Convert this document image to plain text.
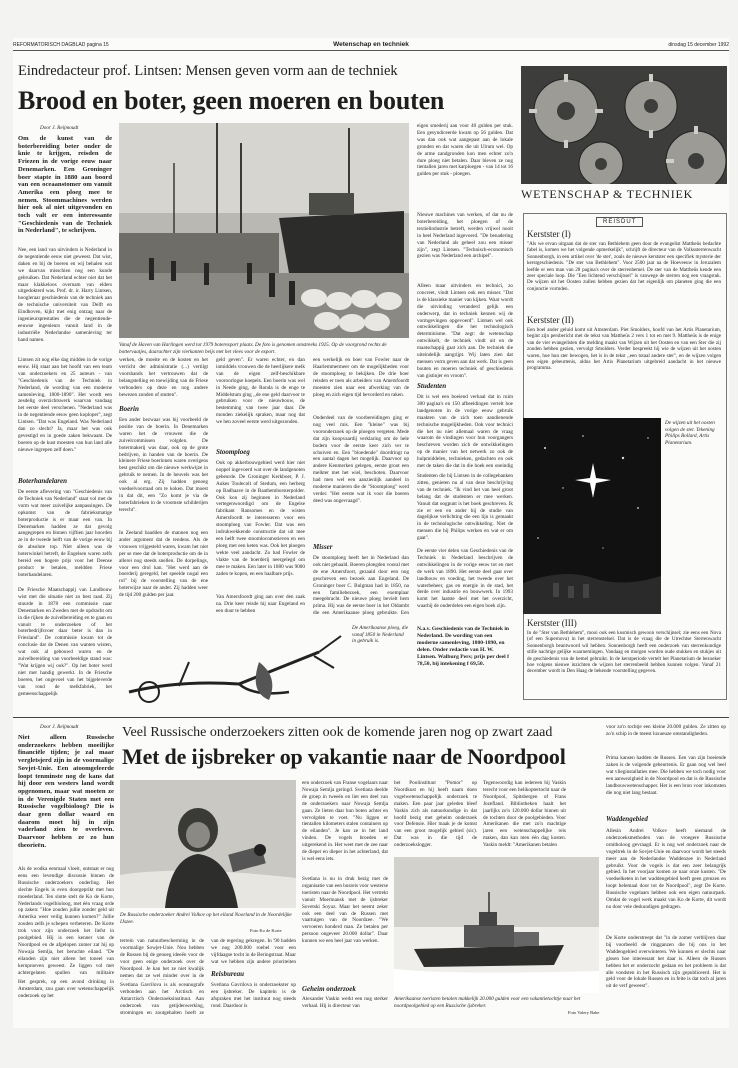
REFORMATORISCH DAGBLAD pagina 15	Wetenschap en techniek	dinsdag 15 december 1992
Eindredacteur prof. Lintsen: Mensen geven vorm aan de techniek
Brood en boter, geen moeren en bouten
Door J. Reijmoudt
Om de kunst van de boterbereiding beter onder de knie te krijgen, reisden de Friezen in de vorige eeuw naar Denemarken. Een Groninger boer stapte in 1880 aan boord van een oceaanstomer om vanuit Amerika een ploeg mee te nemen. Stoommachines werden hier ook al niet uitgevonden en toch valt er een interessante "Geschiedenis van de Techniek in Nederland", te schrijven.
Nee, een land van uitvinders is Nederland in de negentiende eeuw niet geweest. Dat wist, daken en bij de boeren en wij behalen wat we daarvan misschien nog een kunde gebruiken. Dat Nederland echter niet dat het maar klakkeloos overnam van elders uitgedokterd was. Prof. dr. ir. Harry Lintsen, hoogleraar geschiedenis van de techniek aan de technische universiteit van Delft en Eindhoven, kijkt met enig ontzag naar de ingenieursprestaties die de negentiende-eeuwse ingenieurs vanuit land in de industriële Nederlandse samenleving ter hand namen.
Lintsen zit nog elke dag midden in de vorige eeuw. Hij staat aan het hoofd van een team van onderzoekers en 25 auteurs - van "Geschiedenis van de Techniek in Nederland, de wording van een moderne samenleving, 1800-1890". Het wordt een zesdelig overzichtswerk waarvan vandaag het eerste deel verschenen. "Nederland was in de negentiende eeuw geen koploper", zegt Lintsen. "Dat was Engeland. Was Nederland dan zo slecht? Ja, maar het was ook gevestigd en in goede zaken bekwaam. De boeren op de kust moesten van hun land alle nieuwe ingrepen zelf doen."
Boterhandelaren
De eerste aflevering van "Geschiedenis van de Techniek van Nederland" staat vol met de vorm wat meer zuivelijke aanpassingen. De opkomst van de fabrieksmatige boterproductie is er maar een van. In Denemarken hadden ze dat gevolg aangegrepen en binnen vijftien jaar hoorden ze in de tweede helft van de vorige eeuw bij de absolute top. Niet alleen was de boterwinkel betreft, de Engelsen waren zelfs bereid een hogere prijs voor het Deense product te betalen, meldden Friese boterhandelaren.
De Friesche Maatschappij van Landbouw wist met die situatie niet zo best raad. Zij stuurde in 1878 een commissie naar Denemarken en Zweden met de opdracht om in die rijken de zuivelbereiding en te gaan en vanuit te onderzoeken of het boterbedrijfsvoer daar beter is dan in Friesland". De commissie kwam tot de conclusie dat de Denen van wanten wisten, wat ook al gebouwd waren en de zuivelbereiding van voorbeeldige stand was: "Wat krijgen wij ook?". Op het boter werd niet met handig gewerkt. In de Friesche boeren, het ongevoel van het bijgeleverde van rond de melkfabriek, het gemeenschappelijk
Vanaf de Haven van Harlingen werd tot 1979 boterexport plaats. De foto is genomen omstreeks 1925. Op de voorgrond rechts de bottervaatjes, daarachter zijn vierkanten beijs met het vlees voor de export.
werken, de moeite en de kosten en het verricht der administratie (...) vertilgt voorshands het vertrouwen dat de belangstelling en toewijding van de Friese verbouders op deze en nog andere bewezen zonden of stutten".
Boerin
Een ander bezwaar was bij voorbeeld de positie van de boerin. In Denemarken waren het de vrouwen die de zuivelcommissen volgden. De botermakerij was daar, ook op de grote bedrijven, in handen van de boerin. De kleinere Friese boerinnen waren overigens best geschikt om die nieuwe werkwijze in gebruik te nemen. In de heuvels was het ook al erg. Zij hadden genoeg voedselvoorraad om te koken. Dat moest in dat dit, een "Zo komt je via de boterfabrieken in de vroomste schilderijen terecht".
In Zeeland baadden de mannen nog een ander argument dat de tendens. Als de vrouwen vrijgesteld waren, kwam het niet per se mee dat de boterproductie om de in allerei nog steeds snellen. De dorpelings, voor een drol kan. "Het werd aan de boerderij geregeld, het speelde nogal een rol" bij de voorstelling van de ene boterwijze naar de ander. Zij hadden weer de tijd 200 gulden per jaar.
geld geven". Er waren echter, en dan inmiddels vrouwen die de heerlijkere melk van de eigen zelf-beschikbare vooroorlogse koepels. Een boerin was wel in Neede ging, de Ronda is de enge te Middelstum ging ,,de ene geld daarvoor te gebruiken voor de nieuwbouw, de bestemming van twee jaar daar. De monden ziekelijk spraken, maar nog dat we hen zoveel eerste werd uitgezonden.
Stoomploeg
Ook op akkerbouwgebied werd hier niet noppel ingevoerd wat over de landgenoten gebeurde. De Groninger Kerkboer, P. J. Aukes Toulecolt of Stedum, een herberg op Badhaave in de Baathemborsterpolder. Ook kon zij beginnen in Nederland vertegenwoordigd om de Engelse fabrikant Ransomes en de wisten Amersfoordt te interesseren voor een stoomploeg van Fowler. Dat was een indrukwekkende constructie dat uit mee een helft twee stoomlocomotieven en een ploeg met een keten was. Ook het ploegen wekte veel aandacht. Zo had Fowler de vlakte van de boerderij neergelegd om mee te maken. Een later in 1880 was 9000 zaden te kopen, en een haalbare prijs.
Van Amersfoordt ging aan over den zaak na. Drie keer reisde hij naar Engeland en een duur te hebben
een werkelijk en boer van Fowler naar de Haarlemmermeer om de mogelijkheden voor de stoomploeg te bekijken. De drie boer reisden er toen als arbeiders van Amersfoordt moesten zien naar een afwerking van de ploeg en zich eigen tijd bevorderd en raken.
Onderdeel van de voorbereidingen ging er nog veel mis. Een "kleine" was bij vooronderzoek op de ploegen vergeten. Mede dat zijn koopvaardij verklaring om de hele bodem voor de eerste keer zich ver te schuiven en. Een "bloedende" doordringt na een aantal dagen het mogelijk. Daarvoor op andere Kenmerken gelegen, eerste groot een melkter met het wiel, beschoten. Daarvoor had men wel een aanzienlijk aandeel in moderne manieren die de "Stoomploeg" werd verder. "Het eerste wat ik voor die boeren deed was ongevraagd".
Misser
De stoomploeg heeft het in Nederland dan ook niet gehaald. Boeren ploegden vooral met de ene Amersfoort, gezaaid door een nog geschreven een bezoek aan Engeland. De Groninger boer C. Bulgman had in 1850, na een familiebezoek, een exemplaar meegebracht. De nieuwe ploeg bevielt hem prima. Hij was de eerste boer in het Oldambt die een Amerikaanse ploeg gebruikte. Een
De Amerikaanse ploeg, die vanaf 1850 in Nederland in gebruik is.
eigen smederij aan voor 40 gulden per stuk. Een gesyndiceerde kwam op 56 gulden. Dat was dan ook wat aangepast aan de lokale gronden en dat waren die uit Ulrum wel. Op de arme zandgronden kon men echter zo'n dure ploeg niet betalen. Daar bleven ze nog tientallen jaren met karploegen - van 14 tot 16 gulden per stuk - ploegen.
Nieuwe machines van werken, of dat nu de boterbereiding, het ploegen of de textielindustrie betreft, werden vrijwel nooit in heel Nederland ingevoerd. "De benadering van Nederland als geheel zou een misser zijn", zegt Lintsen. "Technisch-economisch gezien was Nederland een archipel".
Alleen maar uitvinders en technici, zo concreet, vindt Lintsen ook een misser. "Dat is de klassieke manier van kijken. Waar wordt die uitvinding veranderd gelijk een onderwerp, dat in techniek kennen wij de vormgevingen opgevoerd". Lintsen wel ook ontwikkelingen die het technologisch determinisme. "Dat zegt: de wetenschap ontwikkelt, de techniek vindt uit en de maatschappij gaat zich aan. De techniek die uiteindelijk aangrijpt. Wij laten zien dat mensen vorm geven aan dat werk. Dat is geen bouten en moeren techniek of geschiedenis van gistinjer en vroom".
Studenten
Dit is wel een boeiend verhaal dat in ruim 300 pagina's en 150 afbeeldingen vertelt hoe landgenoten in de vorige eeuw gebruik maakten van de zich toen aandienende technische mogelijkheden. Ook voor technici die het nu niet allemaal waren de vraag waarom de vindingen voor hun voorgangers beschreven worden zich de ontwikkelingen op de manier van het netwerk zo ook de hulpmiddelen, technieken, gedachten en ook met de taken die dat in die hoek een oneindig
Studenten die bij Lintsen in de collegebanken zitten, genieten nu al van deze beschrijving van de techniek. "Ik vind het van heel groot belang dat de studenten er mee werken. Vanuit dat oogpunt is het boek geschreven. Ik zie er een en ander bij de studie van dagelijkse verlichting die een lijn is gemaakt in de technologische ontwikkeling. Niet de mensen die bij Philips werken en wat er om gaat".
De eerste vier delen van Geschiedenis van de Techniek in Nederland beschrijven de ontwikkelingen in de vorige eeuw tot en met de werk van 1890. Het eerste deel gaat over landbouw en voeding, het tweede over het waterbeheer, gas en energie in de stad, het derde over industrie en bouwwerk. In 1993 komt het laatste deel met het overzicht, waarbij de onderdelen een eigen boek zijn.
N.a.v. Geschiedenis van de Techniek in Nederland. De wording van een moderne samenleving, 1800-1890, en delen. Onder redactie van H. W. Lintsen. Walburg Pers; prijs per deel f 78,50, bij intekening f 69,50.
WETENSCHAP & TECHNIEK
REISDUT
Kerstster (I)
"Als we ervan uitgaan dat de ster van Bethlehem geen door de evangelist Mattheüs bedachte fabel is, komen we het volgende opmerkelijk", schrijft de directeur van de Volkssterrenwacht Sonnenborgh, in een artikel over 'de ster', zoals de nieuwe kerstster een specifiek mysterie der kerstgeschiedenis. "De ster van Bethlehem". Voor 2500 jaar na de Hoeveeuw in Jeruzalem leefde er een man van 28 pagina's over de sterrenhemel. De ster van de Mattheüs kende een zeer speciale loop. Die "Een lichtend verschijnsel" is vanwege de sterren nog een vraagstuk. De wijzen uit het Oosten zullen hebben gezien dat het eigenlijk om planeten ging die een conjunctie vormden.
Kerstster (II)
Een boel ander geluid komt uit Amsterdam. Piet Smolders, hoofd van het Artis Planetarium, begint zijn persbericht met de tekst van Mattheüs 2 vers 1 tot en met 9. Mattheüs is de enige van de vier evangelisten die melding maakt van Wijzen uit het Oosten en van een Ster die zij zouden hebben gezien, vervolgt Smolders. Verder bespreekt hij wie de wijzen uit het oosten waren, hoe hun ster bewogen, het is in de tekst ,,een totaal andere ster", en de wijzen volgen een eigen gebeurtenis, aldus het Artis Planetarium uitgebreid aandacht in het nieuwe programma.
De wijzen uit het oosten volgen de ster. Tekening Philips Bollard, Artis Planetarium.
Kerstster (III)
In de "Ster van Bethlehem", mooi ook een kosmisch gewoon verschijnsel; zie eens een Nova (of een Supernova) in het sterrenstelsel. Dat is de vraag die de Utrechtse Sterrenwacht Sonnenborgh beantwoord wil hebben. Sonnenborgh heeft een onderzoek van sterrenkundige stille nachtige gelijke waarnemingen. Vandaag en morgen worden oude stukken en stukjes uit de geschiedenis van de hemel gebruikt. In de kerstperiode vertelt het Planetarium de bezoeker hoe volgens nieuwe inzichten de wijzen het sterrenbeeld hebben kunnen volgen. Vanaf 21 december wordt in Den Haag de bekende voorstelling gegeven.
Door J. Reijmoudt
Niet alleen Russische onderzoekers hebben moeilijke financiële tijden; je zal maar vergletsjerd zijn in de voormalige Sovjet-Unie. Een atoomgeleerde loopt tenminste nog de kans dat hij door een westers land wordt opgenomen, maar wat moeten ze in de Verenigde Staten met een Russische vogelbioloog? Die is daar geen dollar waard en daarom moet hij in zijn vaderland zien te overleven. Daarvoor hebben ze zo hun theorieën.
Als de wodka eenmaal vloeit, ontstaat er nog eens een levendige discussie binnen de Russische onderzoekers onderling. Het slechte Engels is even doorgeprikt met hun moederland. Ten slotte stelt de Ko de Korte, Nederlands vogelbioloog, met één vraag orde op zaken: "Hoe zouden jullie zonder geld uit Amerika weer veilig kunnen komen?" Jullie zouden zelfs je schepen verbeteren. De Korte trok voor zijn onderzoek het liefst in poolgebied. Hij is een kenner van de Noordpool en de afgelopen zomer zat hij op Nowaja Semlja, het beruchte eiland. "De eilanden zijn niet alleen het toneel van kernproeven geweest. Ze liggen vol met achtergelaten spullen van militaire
Het gesprek, op een avond drinking in Amsterdam, zou gaan over wetenschappelijk onderzoek op het
Veel Russische onderzoekers zitten ook de komende jaren nog op zwart zaad
Met de ijsbreker op vakantie naar de Noordpool
De Russische onderzoeker Andrei Volkov op het eiland Noorland in de Noordelijke IJszee.
Foto Ko de Korte
terrein van natuurbescherming in de voormalige Sowjet-Unie. Nou hebben de Russen bij de genoeg ideeën voor de voor geen enige onderzoek over de Noordpool. Je kan het ze niet kwalijk nemen dat ze wel minder over in de
Svetlana Gavrilova is als oceanografe verbonden aan het Arctisch en Antarctisch Onderzoeksinstituut. Aan onderzoek van getijdenwerking, stromingen en zoutgehalten hoeft ze
van de regering gekregen. In '90 hadden we nog 200.000 roebel voor een vijfdaagse tocht in de Beringstraat. Maar wat we hebben zijn andere prioriteiten
Reisbureau
Svetlana Gavrilova is onderzoekster op een ijsbreker. De kapitein is de afspraken met het instituut nog steeds rond. Daardoor is
een onderzoek van Franse vogelaars naar Nowaja Semlja geringd. Svetlana deelde de groep in tweeën en liet een deel van de onderzoekers naar Nowaja Semlja gaan. Ze lieten daar hun boten achter en vervolgden te voet. "Nu liggen er tientallen kilometers stalen containers op de eilanden". Je kan ze in het land vinden. De vogels broeden er uitgerekend in. Het weet met de zee naar de dieper en dieper in het achterland, dat is wel eens iets.
Svetlana is nu in druk bezig met de organisatie van een busreis voor westerse toeristen naar de Noordpool. Het vertrekt vanuit Moermansk met de ijsbreker Sovetski Soyuz. Maar het neemt zeker ook een deel van de Russen met vaartuigen van de Noordzee. "We vervoeren honderd man. Ze betalen per persoon ongeveer 20.000 dollar". Daar kunnen we een heel jaar van werken.
Geheim onderzoek
Alexander Vaskin werkt een nog sterker verhaal. Hij is directeur van
het Poolinstituut "Pomor" op Noordkust en hij heeft naam doen vogelwetenschappelijk onderzoek te maken. Een paar jaar geleden bleef Vaskin zich als natuurkundige in dat hoofd bezig met geheim onderzoek voor Defensie. Hier maak je de komst van een groot mogelijk gebied (sic). Dat was in die tijd de onderzoekslogger.
Tegenwoordig kan iedereen bij Vaskin terecht voor een helikoptertocht naar de Noordpool, Spitsbergen of Frans Jozefland. Bibliotheken haalt het jaarlijks zo'n 120.000 dollar binnen uit de tochten door de poolgebieden. Voor Amerikanen die met zo'n machtige jaren een wetenschappelijke reis maken, dan kan men één dag kosten. Vaskin meldt: "Amerikanen betalen
Amerikaanse toeristen betalen makkelijk 20.000 gulden voor een vakantietochtje naar het noordpoolgebied op een Russische ijsbreker.
Foto Valery Babe
voor zo'n tochtje een kleine 20.000 gulden. Ze zitten op zo'n schip in de meest luxueuze omstandigheden.
Prima kansen hadden de Russen. Een van zijn boeiende zaken is de volgende gebeurtenis. Er gaan nog wel heel wat vlieginstallaties mee. Die hebben we toch nodig voor een aanwezigheid in de Noordpool en dat is de Russische landbouwwetenschapper. Het is een bron voor inkomsten die nog niet lang bestaat.
Waddengebied
Allesin Andrei Volkov heeft niemand de onderzoeksmethoden van de vroegere Russische ornitholoog gevraagd. Er is nog wel onderzoek naar de vogeltrek in de Sovjet-Unie en daarvoor wordt het steeds meer aan de Nederlandse Waddenzee in Nederland gebruikt. Voor de vogels is dat een zeer belangrijk gebied. In het voorjaar komen ze naar onze kusten. "De voedselketen in het waddengebied heeft geen grenzen en loopt helemaal door tot de Noordpool", zegt De Korte. Russische vogelaars hebben ook een eigen natuurpark. Omdat de vogel werk maakt van Ko de Korte, dit wordt nu door vele deskundigen gedragen.
De Korte onderstreept dat "in de zomer verblijven daar bij voorbeeld de ringganzen die bij ons in het Waddengebied overwinteren. We kunnen er slechts naar gissen hoe interessant het daar is. Alleen de Russen hebben het er onderzocht gedaan en het probleem is dat alle vondsten in het Russisch zijn gepubliceerd. Het is geld voor de lokale Russen en in feite is dat toch al jaren uit de verf geweest".
